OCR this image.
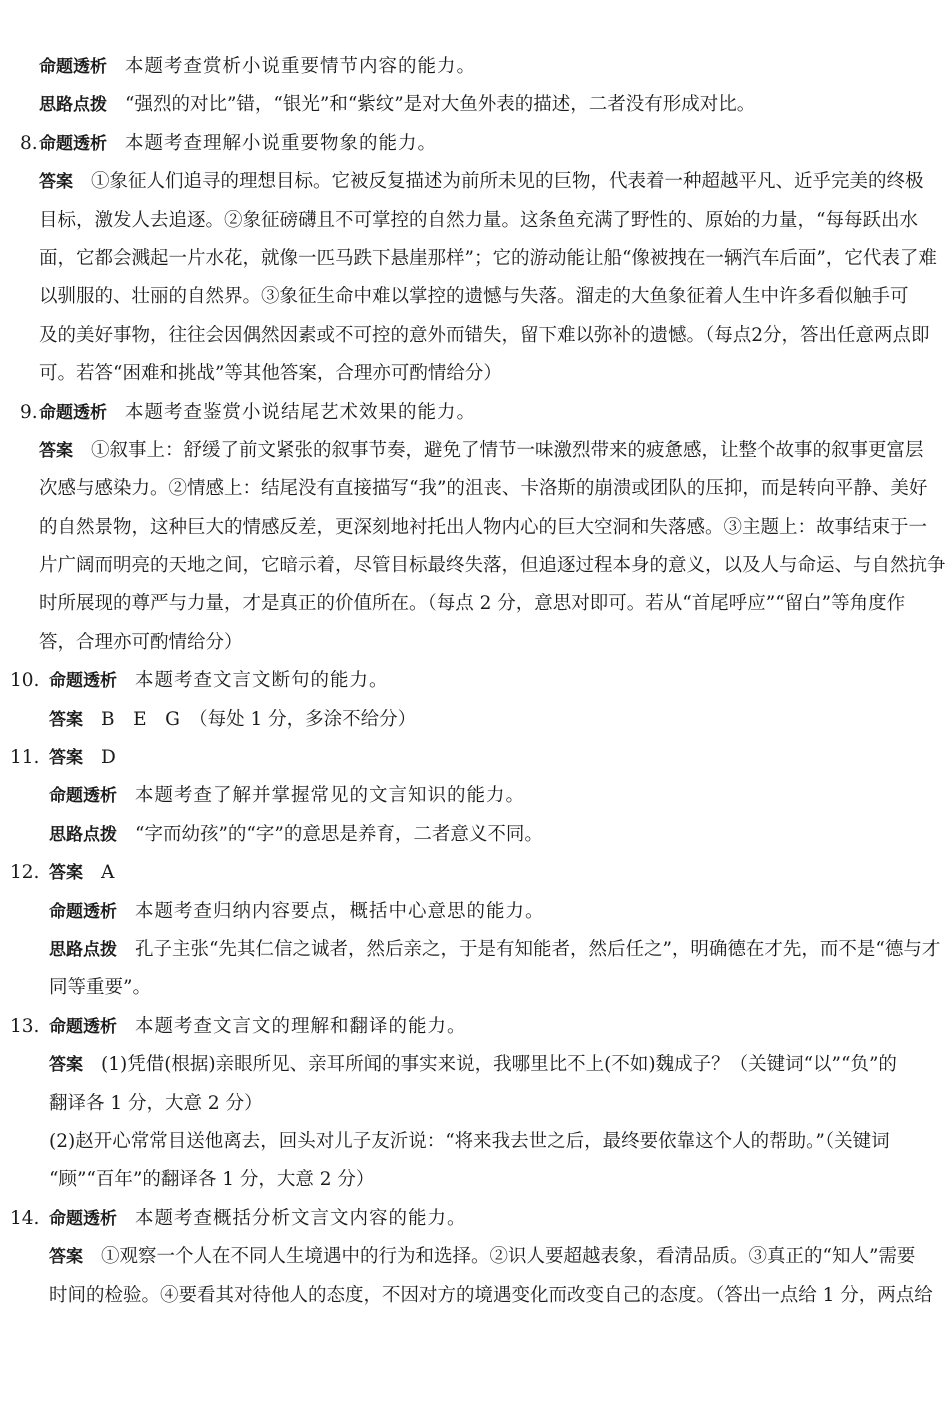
命题透析 本题考查赏析小说重要情节内容的能力。
思路点拨 “强烈的对比”错，“银光”和“紫纹”是对大鱼外表的描述，二者没有形成对比。
8.命题透析 本题考查理解小说重要物象的能力。
答案 ①象征人们追寻的理想目标。它被反复描述为前所未见的巨物，代表着一种超越平凡、近乎完美的终极
目标，激发人去追逐。②象征磅礴且不可掌控的自然力量。这条鱼充满了野性的、原始的力量，“每每跃出水
面，它都会溅起一片水花，就像一匹马跌下悬崖那样”；它的游动能让船“像被拽在一辆汽车后面”，它代表了难
以驯服的、壮丽的自然界。③象征生命中难以掌控的遗憾与失落。溜走的大鱼象征着人生中许多看似触手可
及的美好事物，往往会因偶然因素或不可控的意外而错失，留下难以弥补的遗憾。（每点2分，答出任意两点即
可。若答“困难和挑战”等其他答案，合理亦可酌情给分）
9.命题透析 本题考查鉴赏小说结尾艺术效果的能力。
答案 ①叙事上：舒缓了前文紧张的叙事节奏，避免了情节一味激烈带来的疲惫感，让整个故事的叙事更富层
次感与感染力。②情感上：结尾没有直接描写“我”的沮丧、卡洛斯的崩溃或团队的压抑，而是转向平静、美好
的自然景物，这种巨大的情感反差，更深刻地衬托出人物内心的巨大空洞和失落感。③主题上：故事结束于一
片广阔而明亮的天地之间，它暗示着，尽管目标最终失落，但追逐过程本身的意义，以及人与命运、与自然抗争
时所展现的尊严与力量，才是真正的价值所在。（每点 2 分，意思对即可。若从“首尾呼应”“留白”等角度作
答，合理亦可酌情给分）
10. 命题透析 本题考查文言文断句的能力。
答案 B　E　G　（每处 1 分，多涂不给分）
11. 答案 D
命题透析 本题考查了解并掌握常见的文言知识的能力。
思路点拨 “字而幼孩”的“字”的意思是养育，二者意义不同。
12. 答案 A
命题透析 本题考查归纳内容要点，概括中心意思的能力。
思路点拨 孔子主张“先其仁信之诚者，然后亲之，于是有知能者，然后任之”，明确德在才先，而不是“德与才
同等重要”。
13. 命题透析 本题考查文言文的理解和翻译的能力。
答案 (1)凭借(根据)亲眼所见、亲耳所闻的事实来说，我哪里比不上(不如)魏成子？（关键词“以”“负”的
翻译各 1 分，大意 2 分）
(2)赵开心常常目送他离去，回头对儿子友沂说：“将来我去世之后，最终要依靠这个人的帮助。”（关键词
“顾”“百年”的翻译各 1 分，大意 2 分）
14. 命题透析 本题考查概括分析文言文内容的能力。
答案 ①观察一个人在不同人生境遇中的行为和选择。②识人要超越表象，看清品质。③真正的“知人”需要
时间的检验。④要看其对待他人的态度，不因对方的境遇变化而改变自己的态度。（答出一点给 1 分，两点给
